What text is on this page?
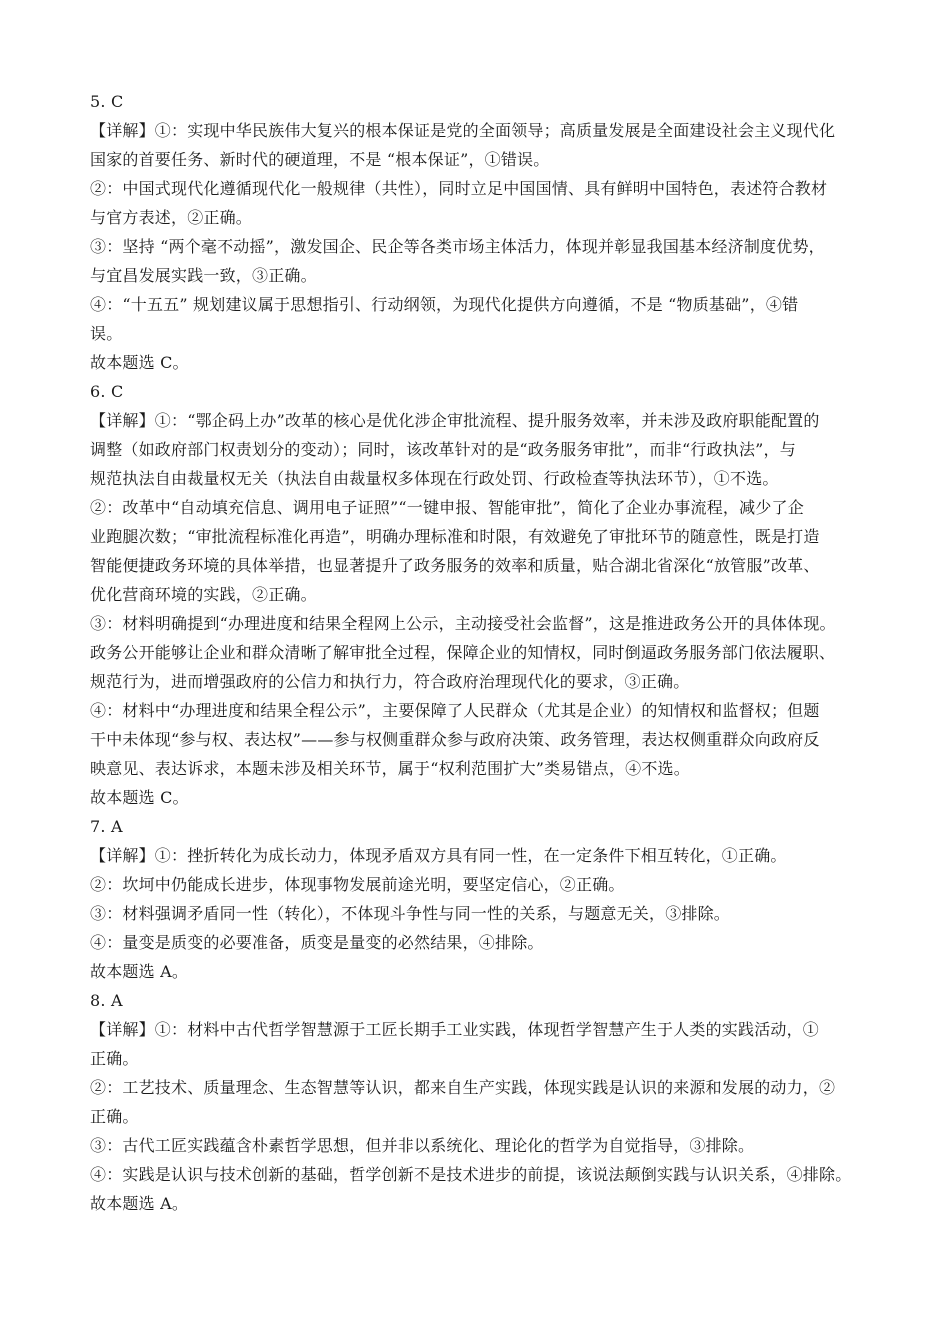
5. C
【详解】①：实现中华民族伟大复兴的根本保证是党的全面领导；高质量发展是全面建设社会主义现代化
国家的首要任务、新时代的硬道理，不是 “根本保证”，①错误。
②：中国式现代化遵循现代化一般规律（共性），同时立足中国国情、具有鲜明中国特色，表述符合教材
与官方表述，②正确。
③：坚持 “两个毫不动摇”，激发国企、民企等各类市场主体活力，体现并彰显我国基本经济制度优势，
与宜昌发展实践一致，③正确。
④：“十五五” 规划建议属于思想指引、行动纲领，为现代化提供方向遵循，不是 “物质基础”，④错
误。
故本题选 C。
6. C
【详解】①：“鄂企码上办”改革的核心是优化涉企审批流程、提升服务效率，并未涉及政府职能配置的
调整（如政府部门权责划分的变动）；同时，该改革针对的是“政务服务审批”，而非“行政执法”，与
规范执法自由裁量权无关（执法自由裁量权多体现在行政处罚、行政检查等执法环节），①不选。
②：改革中“自动填充信息、调用电子证照”“一键申报、智能审批”，简化了企业办事流程，减少了企
业跑腿次数；“审批流程标准化再造”，明确办理标准和时限，有效避免了审批环节的随意性，既是打造
智能便捷政务环境的具体举措，也显著提升了政务服务的效率和质量，贴合湖北省深化“放管服”改革、
优化营商环境的实践，②正确。
③：材料明确提到“办理进度和结果全程网上公示，主动接受社会监督”，这是推进政务公开的具体体现。
政务公开能够让企业和群众清晰了解审批全过程，保障企业的知情权，同时倒逼政务服务部门依法履职、
规范行为，进而增强政府的公信力和执行力，符合政府治理现代化的要求，③正确。
④：材料中“办理进度和结果全程公示”，主要保障了人民群众（尤其是企业）的知情权和监督权；但题
干中未体现“参与权、表达权”——参与权侧重群众参与政府决策、政务管理，表达权侧重群众向政府反
映意见、表达诉求，本题未涉及相关环节，属于“权利范围扩大”类易错点，④不选。
故本题选 C。
7. A
【详解】①：挫折转化为成长动力，体现矛盾双方具有同一性，在一定条件下相互转化，①正确。
②：坎坷中仍能成长进步，体现事物发展前途光明，要坚定信心，②正确。
③：材料强调矛盾同一性（转化），不体现斗争性与同一性的关系，与题意无关，③排除。
④：量变是质变的必要准备，质变是量变的必然结果，④排除。
故本题选 A。
8. A
【详解】①：材料中古代哲学智慧源于工匠长期手工业实践，体现哲学智慧产生于人类的实践活动，①
正确。
②：工艺技术、质量理念、生态智慧等认识，都来自生产实践，体现实践是认识的来源和发展的动力，②
正确。
③：古代工匠实践蕴含朴素哲学思想，但并非以系统化、理论化的哲学为自觉指导，③排除。
④：实践是认识与技术创新的基础，哲学创新不是技术进步的前提，该说法颠倒实践与认识关系，④排除。
故本题选 A。
